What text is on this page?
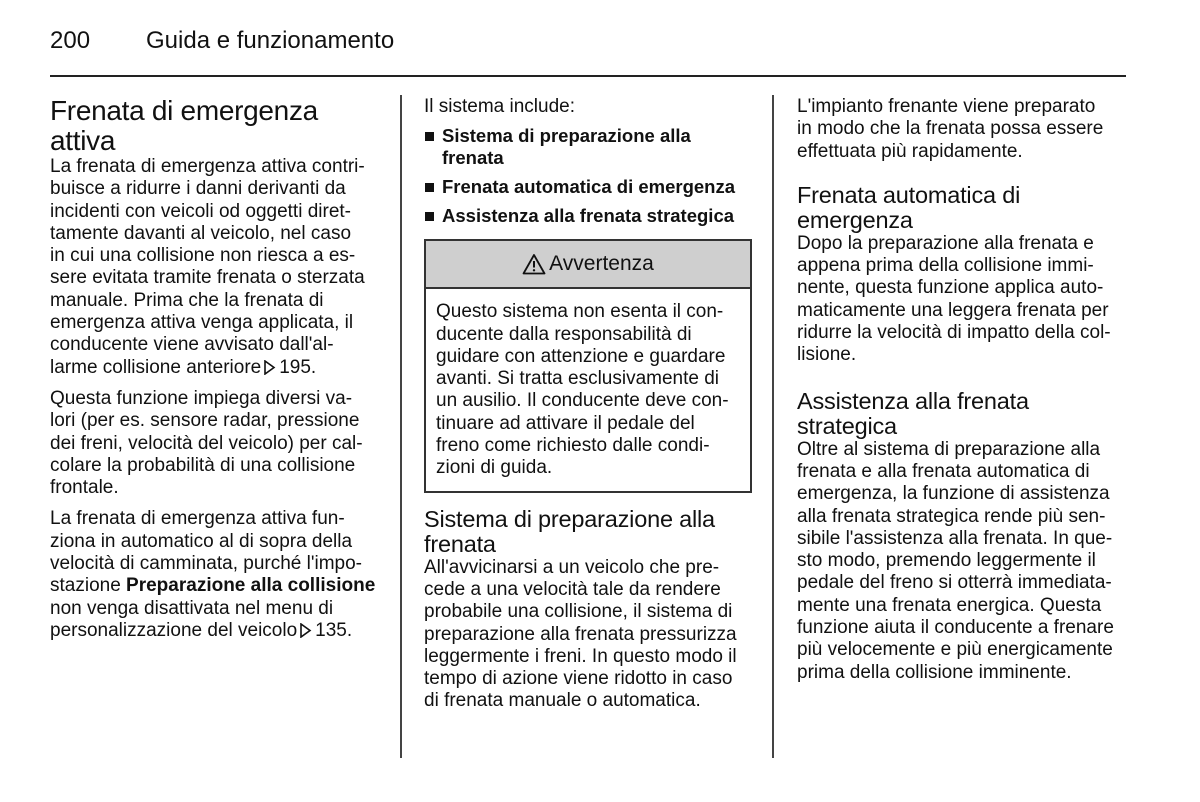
200 Guida e funzionamento
Frenata di emergenza attiva

La frenata di emergenza attiva contri-
buisce a ridurre i danni derivanti da
incidenti con veicoli od oggetti diret-
tamente davanti al veicolo, nel caso
in cui una collisione non riesca a es-
sere evitata tramite frenata o sterzata
manuale. Prima che la frenata di
emergenza attiva venga applicata, il
conducente viene avvisato dall'al-
larme collisione anteriore 195.

Questa funzione impiega diversi va-
lori (per es. sensore radar, pressione
dei freni, velocità del veicolo) per cal-
colare la probabilità di una collisione
frontale.

La frenata di emergenza attiva fun-
ziona in automatico al di sopra della
velocità di camminata, purché l'impo-
stazione Preparazione alla collisione
non venga disattivata nel menu di
personalizzazione del veicolo 135.

Il sistema include:

Sistema di preparazione alla
frenata
Frenata automatica di emergenza
Assistenza alla frenata strategica
Avvertenza
Questo sistema non esenta il con-
ducente dalla responsabilità di
guidare con attenzione e guardare
avanti. Si tratta esclusivamente di
un ausilio. Il conducente deve con-
tinuare ad attivare il pedale del
freno come richiesto dalle condi-
zioni di guida.
Sistema di preparazione alla frenata

All'avvicinarsi a un veicolo che pre-
cede a una velocità tale da rendere
probabile una collisione, il sistema di
preparazione alla frenata pressurizza
leggermente i freni. In questo modo il
tempo di azione viene ridotto in caso
di frenata manuale o automatica.

L'impianto frenante viene preparato
in modo che la frenata possa essere
effettuata più rapidamente.

Frenata automatica di emergenza

Dopo la preparazione alla frenata e
appena prima della collisione immi-
nente, questa funzione applica auto-
maticamente una leggera frenata per
ridurre la velocità di impatto della col-
lisione.

Assistenza alla frenata strategica

Oltre al sistema di preparazione alla
frenata e alla frenata automatica di
emergenza, la funzione di assistenza
alla frenata strategica rende più sen-
sibile l'assistenza alla frenata. In que-
sto modo, premendo leggermente il
pedale del freno si otterrà immediata-
mente una frenata energica. Questa
funzione aiuta il conducente a frenare
più velocemente e più energicamente
prima della collisione imminente.
